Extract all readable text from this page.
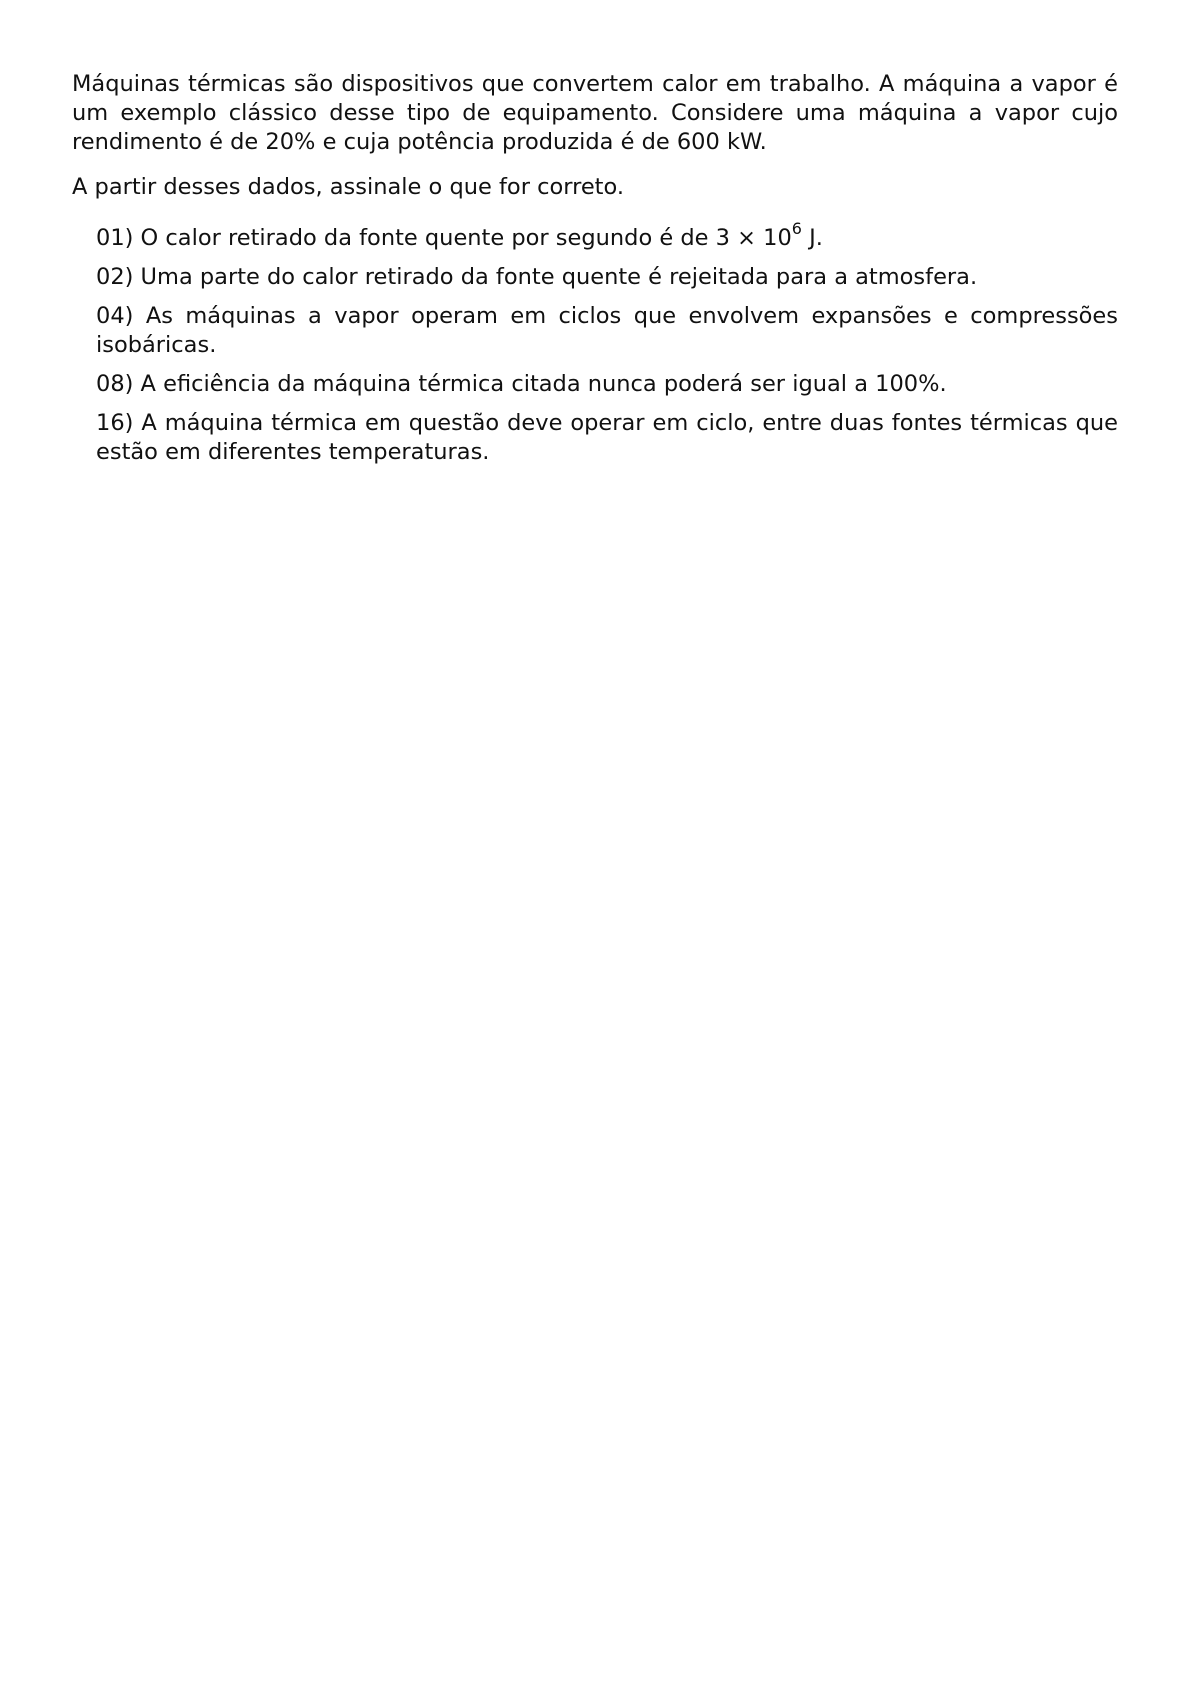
Máquinas térmicas são dispositivos que convertem calor em trabalho. A máquina a vapor é um exemplo clássico desse tipo de equipamento. Considere uma máquina a vapor cujo rendimento é de 20% e cuja potência produzida é de 600 kW.

A partir desses dados, assinale o que for correto.

01) O calor retirado da fonte quente por segundo é de $3 \times 10^6$ J.
02) Uma parte do calor retirado da fonte quente é rejeitada para a atmosfera.
04) As máquinas a vapor operam em ciclos que envolvem expansões e compressões isobáricas.
08) A eficiência da máquina térmica citada nunca poderá ser igual a 100%.
16) A máquina térmica em questão deve operar em ciclo, entre duas fontes térmicas que estão em diferentes temperaturas.
